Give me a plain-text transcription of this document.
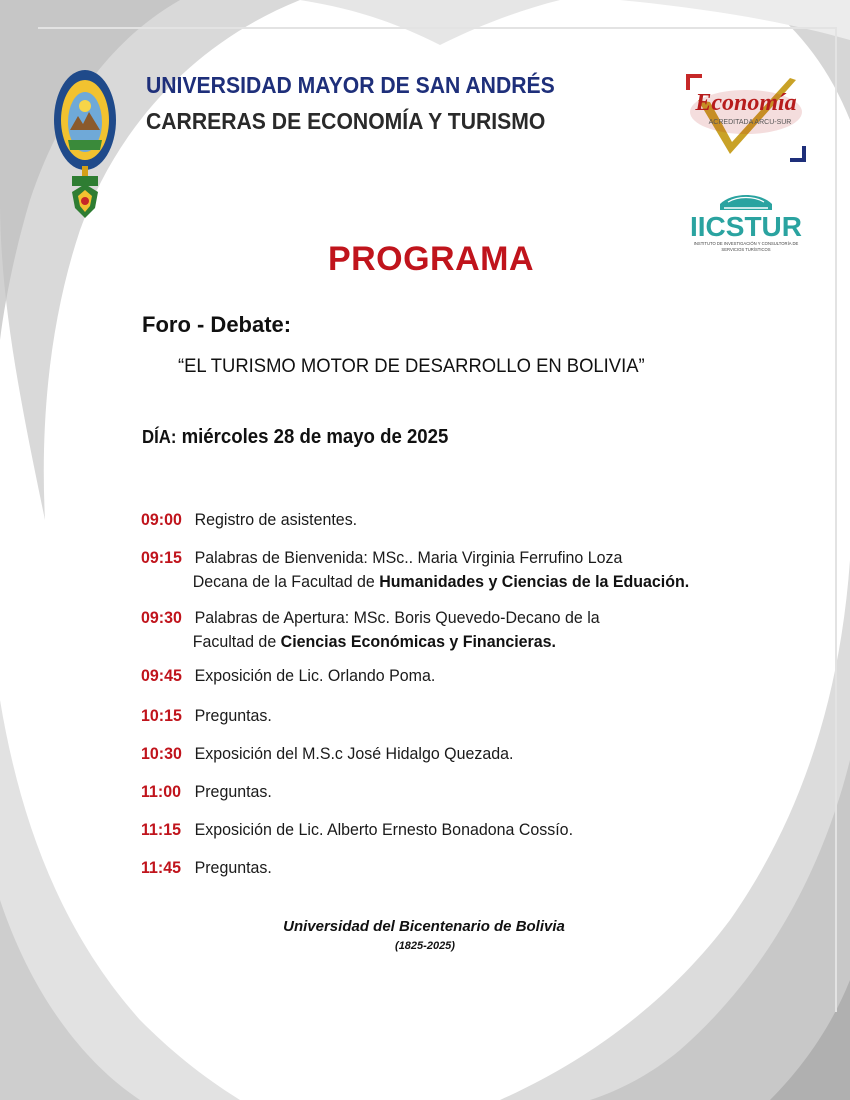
UNIVERSIDAD MAYOR DE SAN ANDRÉS
CARRERAS DE ECONOMÍA Y TURISMO
Economía
ACREDITADA ARCU-SUR
IICSTUR
INSTITUTO DE INVESTIGACIÓN Y CONSULTORÍA DE
SERVICIOS TURÍSTICOS
PROGRAMA
Foro - Debate:
“EL TURISMO MOTOR DE DESARROLLO EN BOLIVIA”
DÍA: miércoles 28 de mayo de 2025
09:00 Registro de asistentes.
09:15 Palabras de Bienvenida: MSc.. Maria Virginia Ferrufino Loza
Decana de la Facultad de Humanidades y Ciencias de la Eduación.
09:30 Palabras de Apertura: MSc. Boris Quevedo-Decano de la
Facultad de Ciencias Económicas y Financieras.
09:45 Exposición de Lic. Orlando Poma.
10:15 Preguntas.
10:30 Exposición del M.S.c José Hidalgo Quezada.
11:00 Preguntas.
11:15 Exposición de Lic. Alberto Ernesto Bonadona Cossío.
11:45 Preguntas.
Universidad del Bicentenario de Bolivia
(1825-2025)
